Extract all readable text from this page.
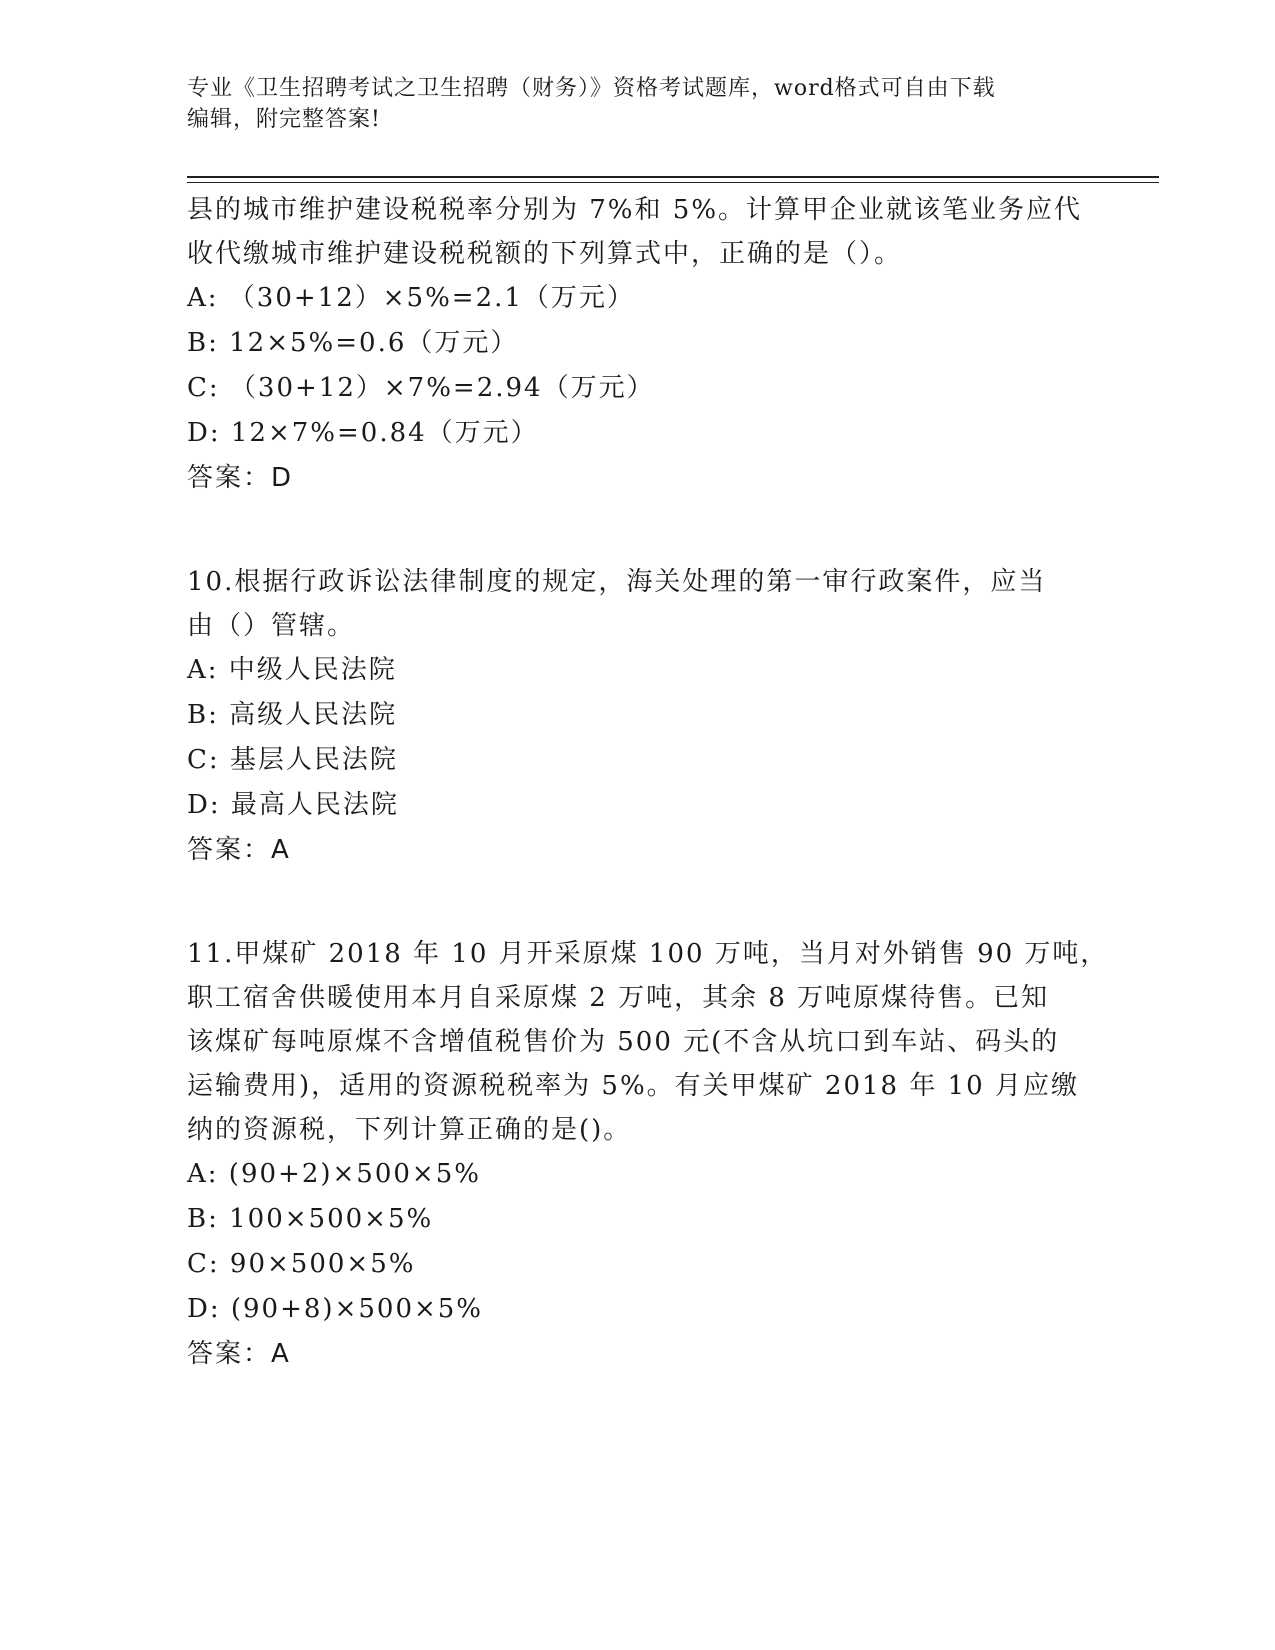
专业《卫生招聘考试之卫生招聘（财务）》资格考试题库，word格式可自由下载
编辑，附完整答案!
县的城市维护建设税税率分别为 7%和 5%。计算甲企业就该笔业务应代
收代缴城市维护建设税税额的下列算式中，正确的是（）。
A: （30+12）×5%=2.1（万元）
B: 12×5%=0.6（万元）
C: （30+12）×7%=2.94（万元）
D: 12×7%=0.84（万元）
答案：D
10.根据行政诉讼法律制度的规定，海关处理的第一审行政案件，应当
由（）管辖。
A: 中级人民法院
B: 高级人民法院
C: 基层人民法院
D: 最高人民法院
答案：A
11.甲煤矿 2018 年 10 月开采原煤 100 万吨，当月对外销售 90 万吨，
职工宿舍供暖使用本月自采原煤 2 万吨，其余 8 万吨原煤待售。已知
该煤矿每吨原煤不含增值税售价为 500 元(不含从坑口到车站、码头的
运输费用)，适用的资源税税率为 5%。有关甲煤矿 2018 年 10 月应缴
纳的资源税，下列计算正确的是()。
A: (90+2)×500×5%
B: 100×500×5%
C: 90×500×5%
D: (90+8)×500×5%
答案：A
